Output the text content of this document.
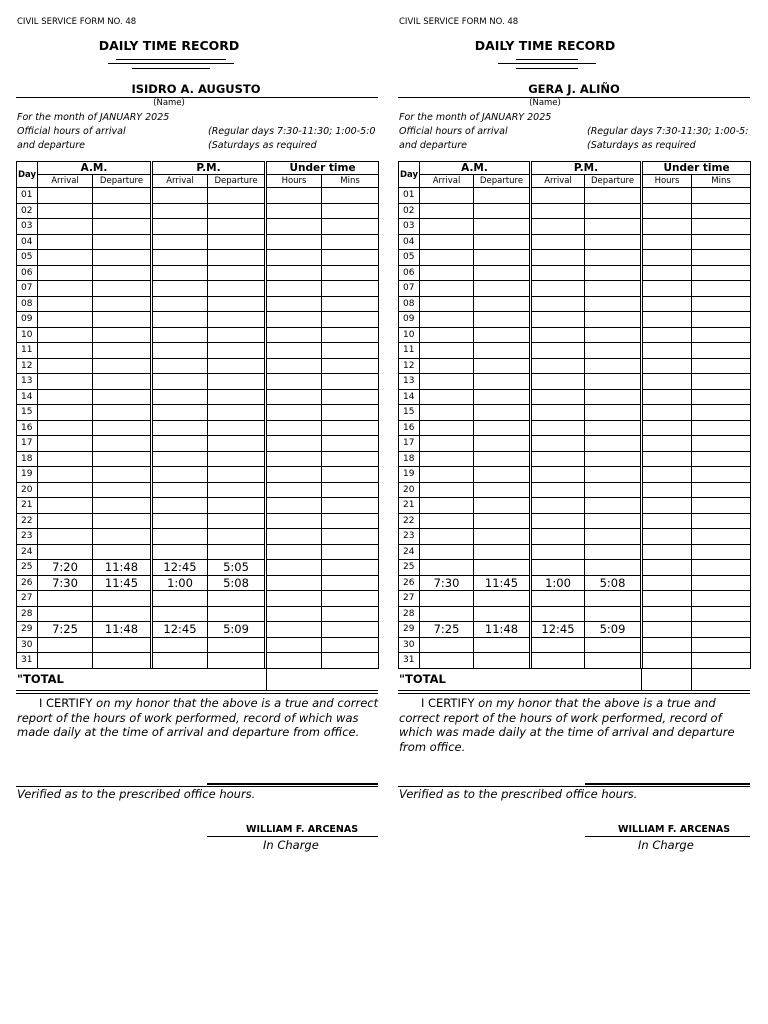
CIVIL SERVICE FORM NO. 48
DAILY TIME RECORD
ISIDRO A. AUGUSTO
(Name)
For the month of JANUARY 2025
Official hours of arrival
and departure
(Regular days 7:30-11:30; 1:00-5:0
(Saturdays as required
Day	A.M.		P.M.		Under time	
	Arrival	Departure	Arrival	Departure	Hours	Mins
01						
02						
03						
04						
05						
06						
07						
08						
09						
10						
11						
12						
13						
14						
15						
16						
17						
18						
19						
20						
21						
22						
23						
24						
25	7:20	11:48	12:45	5:05		
26	7:30	11:45	1:00	5:08		
27						
28						
29	7:25	11:48	12:45	5:09		
30						
31						
"TOTAL
I CERTIFY on my honor that the above is a true and correct report of the hours of work performed, record of which was made daily at the time of arrival and departure from office.
Verified as to the prescribed office hours.
WILLIAM F. ARCENAS
In Charge
CIVIL SERVICE FORM NO. 48
DAILY TIME RECORD
GERA J. ALIÑO
(Name)
For the month of JANUARY 2025
Official hours of arrival
and departure
(Regular days 7:30-11:30; 1:00-5:
(Saturdays as required
Day	A.M.		P.M.		Under time	
	Arrival	Departure	Arrival	Departure	Hours	Mins
01						
02						
03						
04						
05						
06						
07						
08						
09						
10						
11						
12						
13						
14						
15						
16						
17						
18						
19						
20						
21						
22						
23						
24						
25						
26	7:30	11:45	1:00	5:08		
27						
28						
29	7:25	11:48	12:45	5:09		
30						
31						
"TOTAL
I CERTIFY on my honor that the above is a true and correct report of the hours of work performed, record of which was made daily at the time of arrival and departure from office.
Verified as to the prescribed office hours.
WILLIAM F. ARCENAS
In Charge
